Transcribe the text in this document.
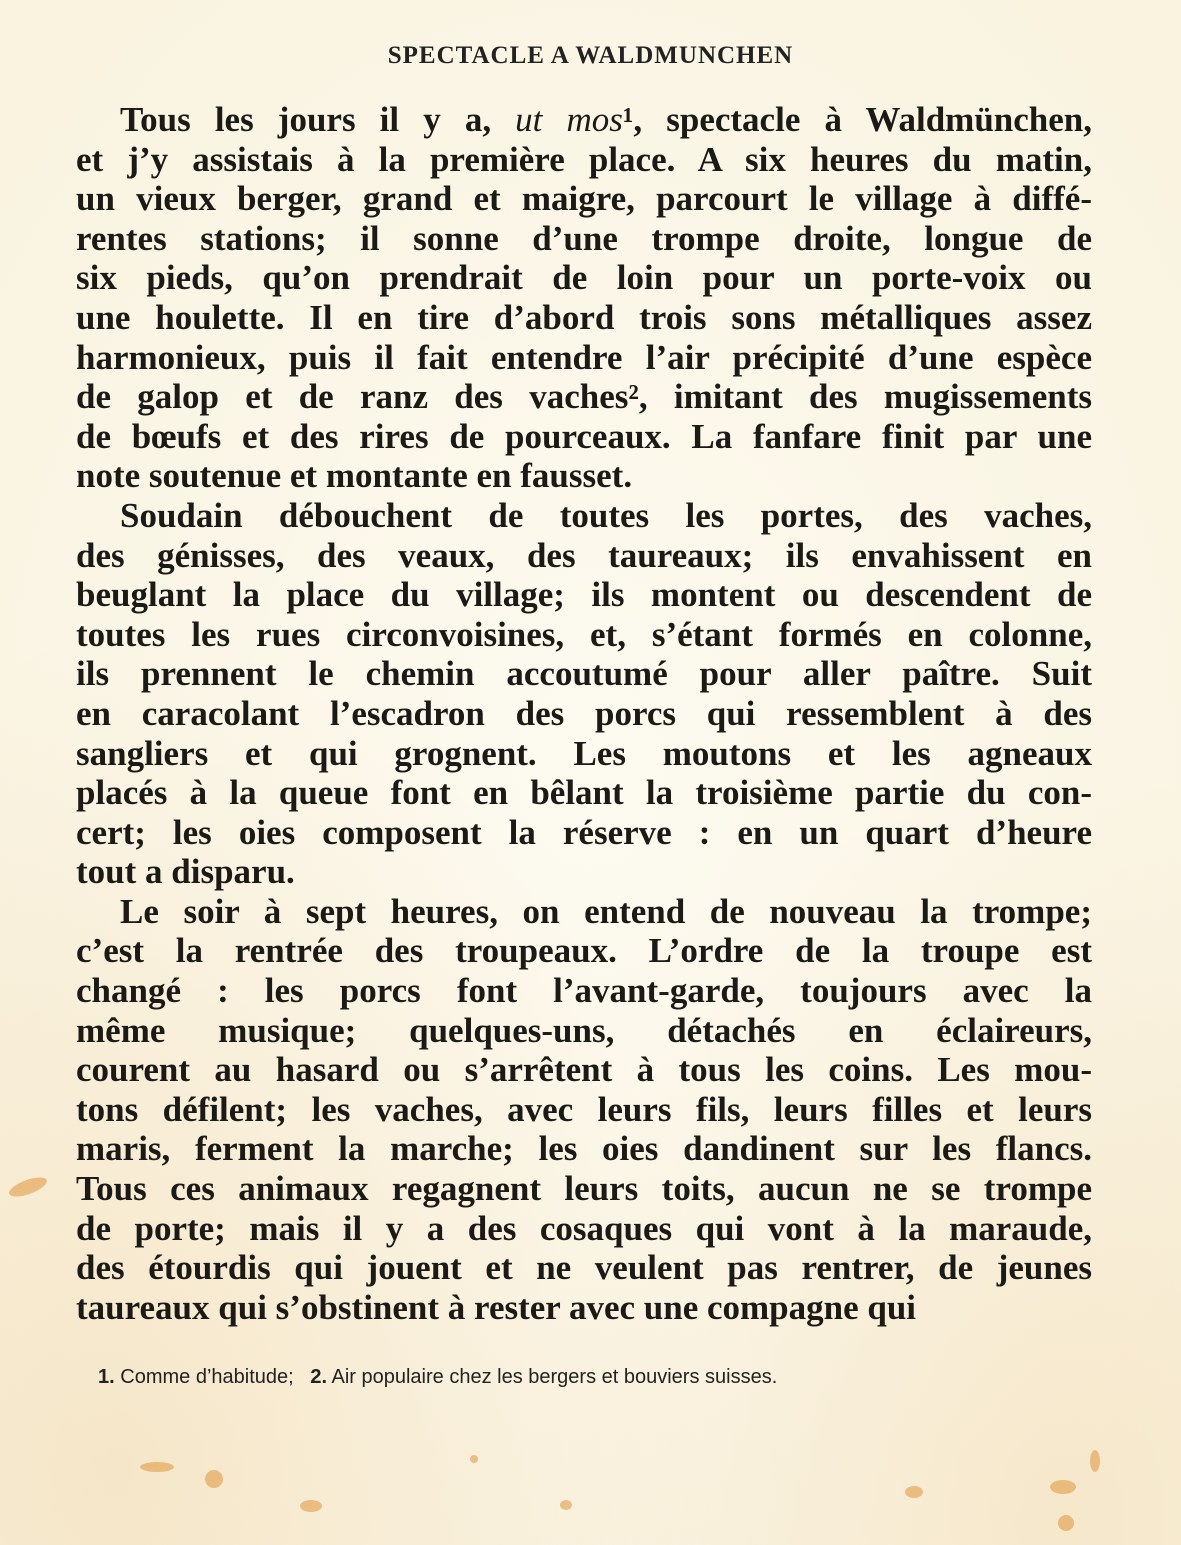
SPECTACLE A WALDMUNCHEN
Tous les jours il y a, ut mos¹, spectacle à Waldmünchen,
et j’y assistais à la première place. A six heures du matin,
un vieux berger, grand et maigre, parcourt le village à diffé-
rentes stations; il sonne d’une trompe droite, longue de
six pieds, qu’on prendrait de loin pour un porte-voix ou
une houlette. Il en tire d’abord trois sons métalliques assez
harmonieux, puis il fait entendre l’air précipité d’une espèce
de galop et de ranz des vaches², imitant des mugissements
de bœufs et des rires de pourceaux. La fanfare finit par une
note soutenue et montante en fausset.
Soudain débouchent de toutes les portes, des vaches,
des génisses, des veaux, des taureaux; ils envahissent en
beuglant la place du village; ils montent ou descendent de
toutes les rues circonvoisines, et, s’étant formés en colonne,
ils prennent le chemin accoutumé pour aller paître. Suit
en caracolant l’escadron des porcs qui ressemblent à des
sangliers et qui grognent. Les moutons et les agneaux
placés à la queue font en bêlant la troisième partie du con-
cert; les oies composent la réserve : en un quart d’heure
tout a disparu.
Le soir à sept heures, on entend de nouveau la trompe;
c’est la rentrée des troupeaux. L’ordre de la troupe est
changé : les porcs font l’avant-garde, toujours avec la
même musique; quelques-uns, détachés en éclaireurs,
courent au hasard ou s’arrêtent à tous les coins. Les mou-
tons défilent; les vaches, avec leurs fils, leurs filles et leurs
maris, ferment la marche; les oies dandinent sur les flancs.
Tous ces animaux regagnent leurs toits, aucun ne se trompe
de porte; mais il y a des cosaques qui vont à la maraude,
des étourdis qui jouent et ne veulent pas rentrer, de jeunes
taureaux qui s’obstinent à rester avec une compagne qui
1. Comme d’habitude; 2. Air populaire chez les bergers et bouviers suisses.
